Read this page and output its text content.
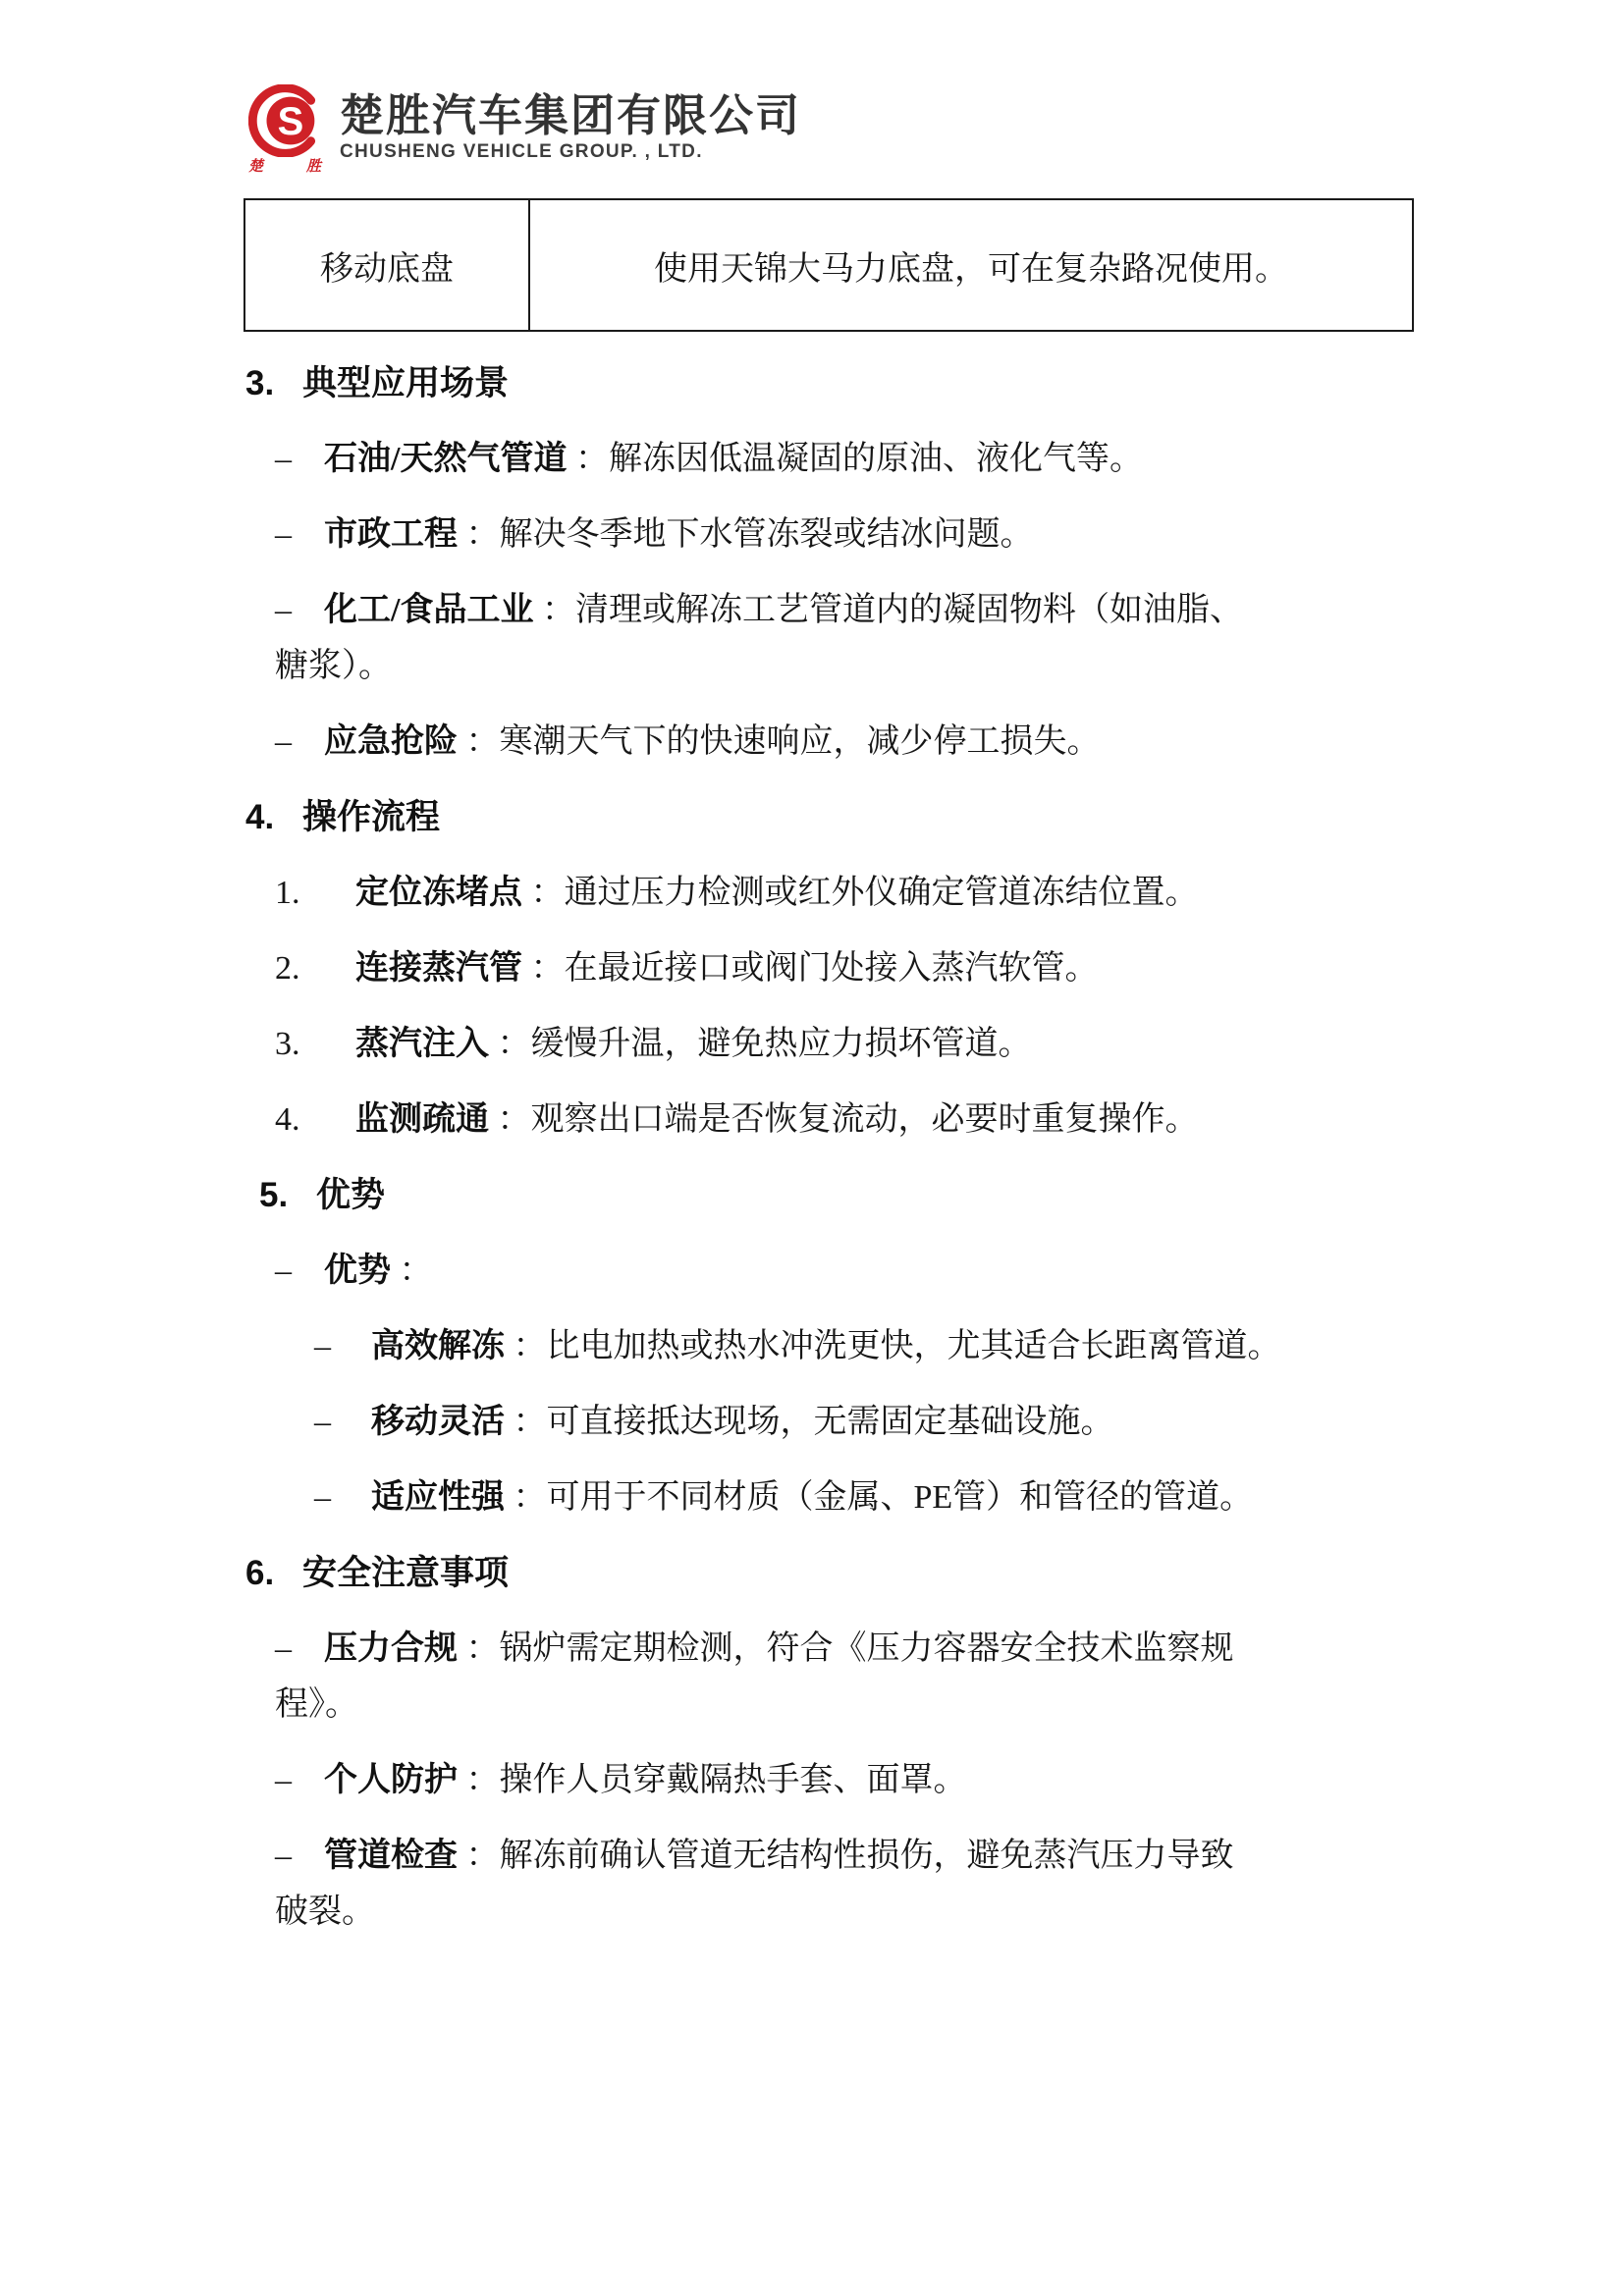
S
楚	胜
楚胜汽车集团有限公司
CHUSHENG VEHICLE GROUP. , LTD.
移动底盘	使用天锦大马力底盘，可在复杂路况使用。
3. 典型应用场景
– 石油/天然气管道 ：解冻因低温凝固的原油、液化气等。
– 市政工程 ：解决冬季地下水管冻裂或结冰问题。
– 化工/食品工业 ：清理或解冻工艺管道内的凝固物料（如油脂、
糖浆）。
– 应急抢险 ：寒潮天气下的快速响应，减少停工损失。
4. 操作流程
1. 定位冻堵点 ：通过压力检测或红外仪确定管道冻结位置。
2. 连接蒸汽管 ：在最近接口或阀门处接入蒸汽软管。
3. 蒸汽注入 ：缓慢升温，避免热应力损坏管道。
4. 监测疏通 ：观察出口端是否恢复流动，必要时重复操作。
5. 优势
– 优势 ：
– 高效解冻 ：比电加热或热水冲洗更快，尤其适合长距离管道。
– 移动灵活 ：可直接抵达现场，无需固定基础设施。
– 适应性强 ：可用于不同材质（金属、PE管）和管径的管道。
6. 安全注意事项
– 压力合规 ：锅炉需定期检测，符合《压力容器安全技术监察规
程》。
– 个人防护 ：操作人员穿戴隔热手套、面罩。
– 管道检查 ：解冻前确认管道无结构性损伤，避免蒸汽压力导致
破裂。
